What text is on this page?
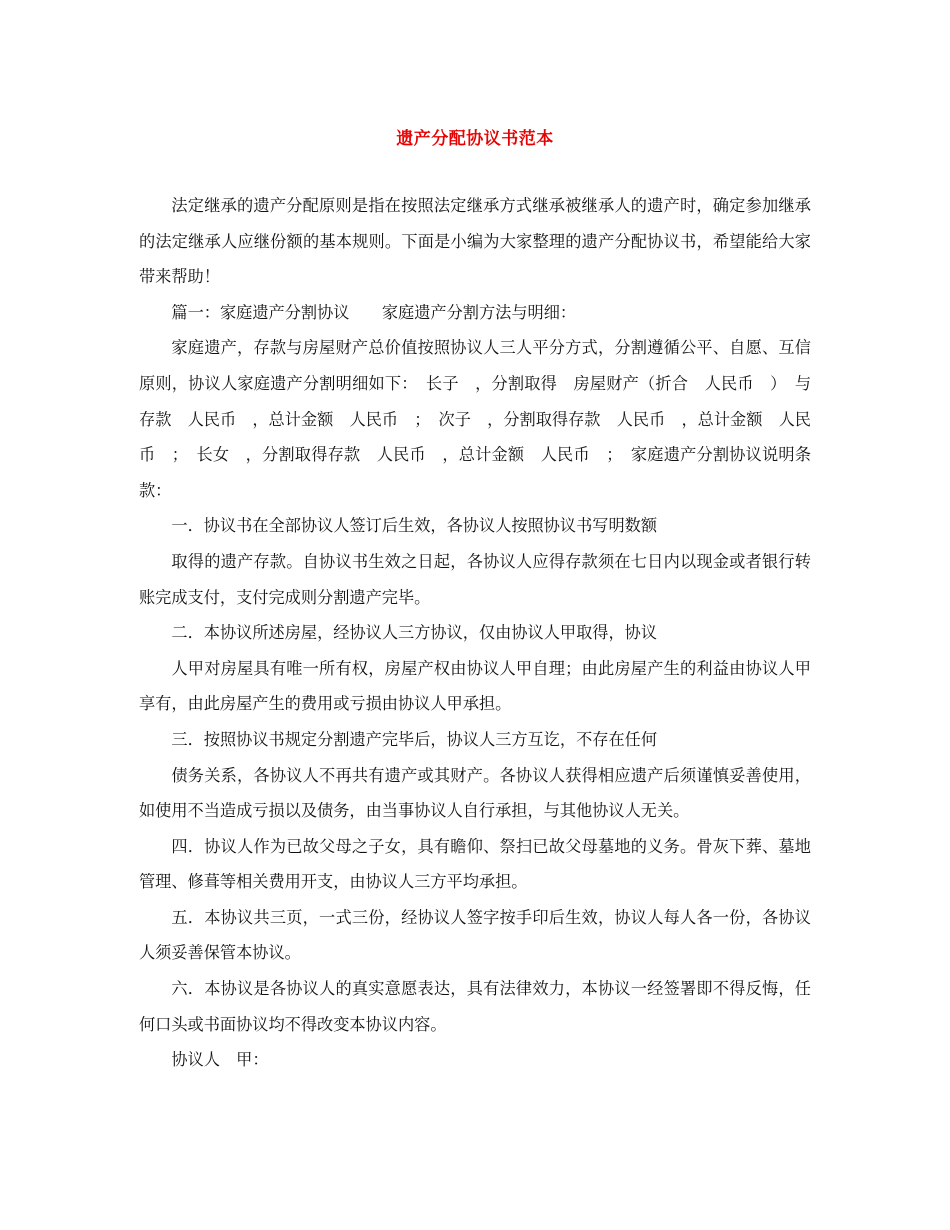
遗产分配协议书范本

法定继承的遗产分配原则是指在按照法定继承方式继承被继承人的遗产时，确定参加继承的法定继承人应继份额的基本规则。下面是小编为大家整理的遗产分配协议书，希望能给大家带来帮助！

篇一：家庭遗产分割协议　　家庭遗产分割方法与明细：

家庭遗产，存款与房屋财产总价值按照协议人三人平分方式，分割遵循公平、自愿、互信原则，协议人家庭遗产分割明细如下：　长子　，分割取得　房屋财产（折合　人民币　）　与存款　人民币　，总计金额　人民币　；　次子　，分割取得存款　人民币　，总计金额　人民币　；　长女　，分割取得存款　人民币　，总计金额　人民币　；　家庭遗产分割协议说明条款：

一．协议书在全部协议人签订后生效，各协议人按照协议书写明数额

取得的遗产存款。自协议书生效之日起，各协议人应得存款须在七日内以现金或者银行转账完成支付，支付完成则分割遗产完毕。

二．本协议所述房屋，经协议人三方协议，仅由协议人甲取得，协议

人甲对房屋具有唯一所有权，房屋产权由协议人甲自理；由此房屋产生的利益由协议人甲享有，由此房屋产生的费用或亏损由协议人甲承担。

三．按照协议书规定分割遗产完毕后，协议人三方互讫，不存在任何

债务关系，各协议人不再共有遗产或其财产。各协议人获得相应遗产后须谨慎妥善使用，如使用不当造成亏损以及债务，由当事协议人自行承担，与其他协议人无关。

四．协议人作为已故父母之子女，具有瞻仰、祭扫已故父母墓地的义务。骨灰下葬、墓地管理、修葺等相关费用开支，由协议人三方平均承担。

五．本协议共三页，一式三份，经协议人签字按手印后生效，协议人每人各一份，各协议人须妥善保管本协议。

六．本协议是各协议人的真实意愿表达，具有法律效力，本协议一经签署即不得反悔，任何口头或书面协议均不得改变本协议内容。

协议人　甲：
